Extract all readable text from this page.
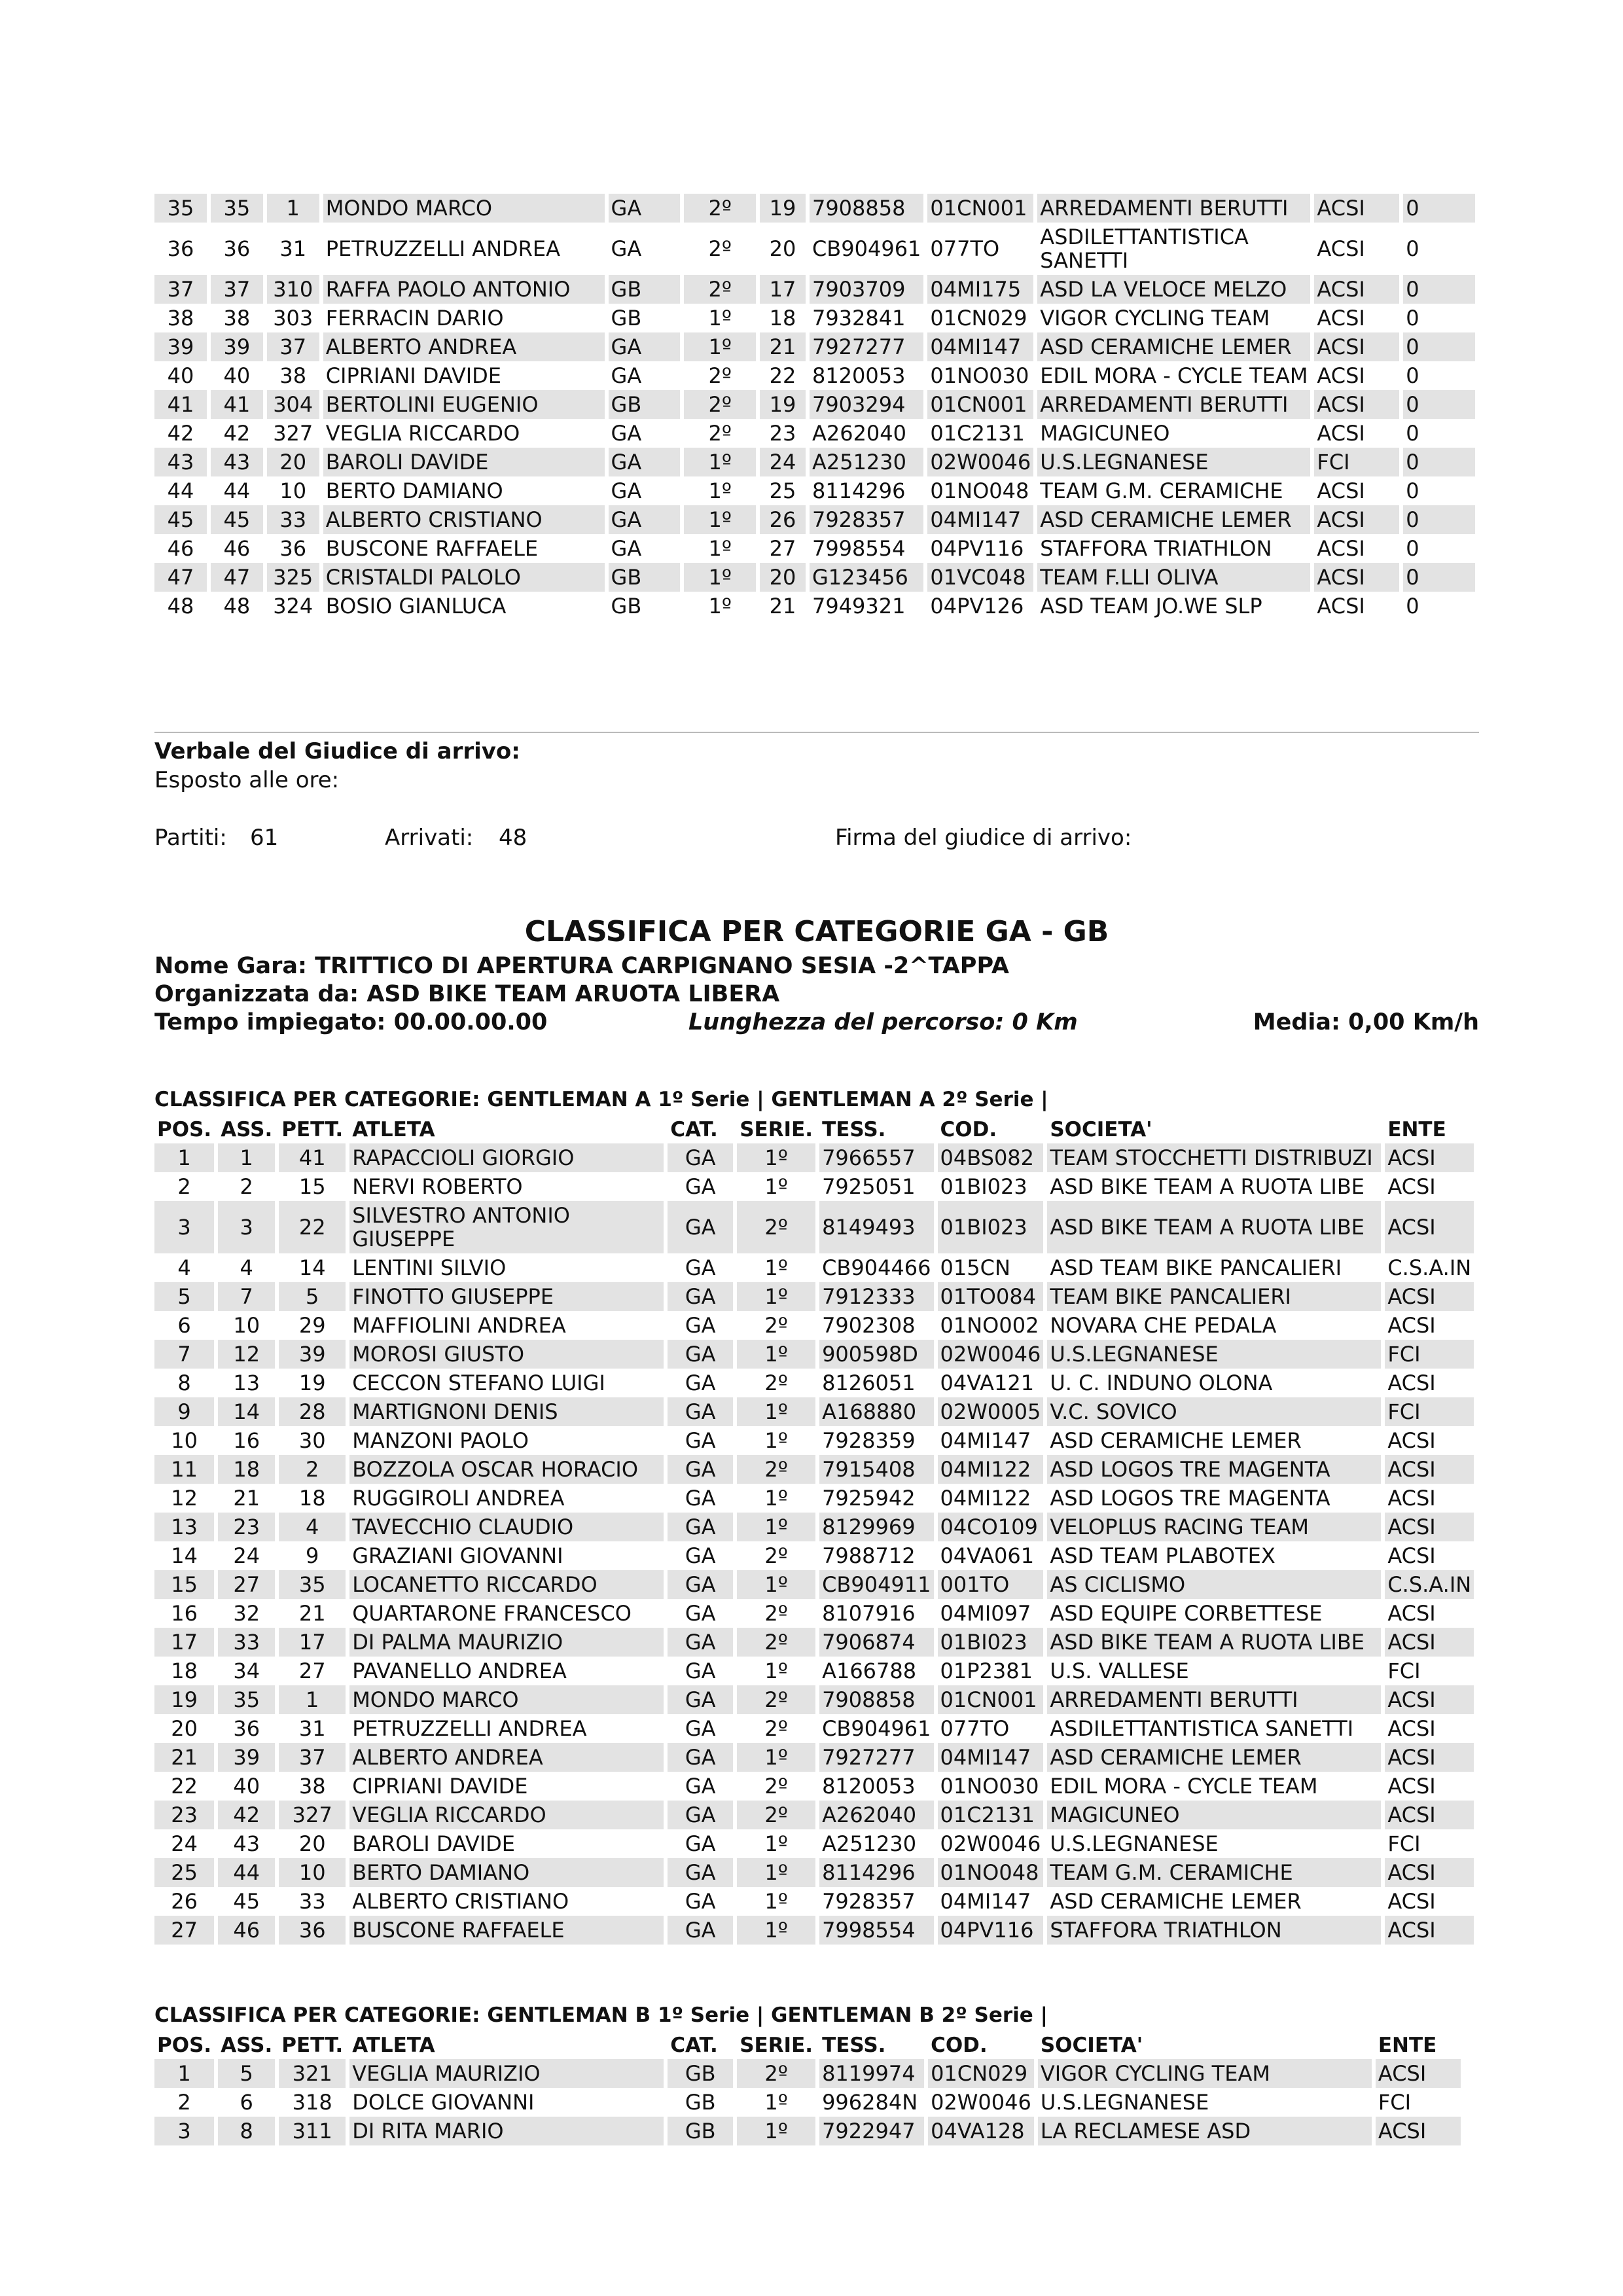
35	35	1	MONDO MARCO	GA	2º	19	7908858	01CN001	ARREDAMENTI BERUTTI	ACSI	0
36	36	31	PETRUZZELLI ANDREA	GA	2º	20	CB904961	077TO	ASDILETTANTISTICA SANETTI	ACSI	0
37	37	310	RAFFA PAOLO ANTONIO	GB	2º	17	7903709	04MI175	ASD LA VELOCE MELZO	ACSI	0
38	38	303	FERRACIN DARIO	GB	1º	18	7932841	01CN029	VIGOR CYCLING TEAM	ACSI	0
39	39	37	ALBERTO ANDREA	GA	1º	21	7927277	04MI147	ASD CERAMICHE LEMER	ACSI	0
40	40	38	CIPRIANI DAVIDE	GA	2º	22	8120053	01NO030	EDIL MORA - CYCLE TEAM	ACSI	0
41	41	304	BERTOLINI EUGENIO	GB	2º	19	7903294	01CN001	ARREDAMENTI BERUTTI	ACSI	0
42	42	327	VEGLIA RICCARDO	GA	2º	23	A262040	01C2131	MAGICUNEO	ACSI	0
43	43	20	BAROLI DAVIDE	GA	1º	24	A251230	02W0046	U.S.LEGNANESE	FCI	0
44	44	10	BERTO DAMIANO	GA	1º	25	8114296	01NO048	TEAM G.M. CERAMICHE	ACSI	0
45	45	33	ALBERTO CRISTIANO	GA	1º	26	7928357	04MI147	ASD CERAMICHE LEMER	ACSI	0
46	46	36	BUSCONE RAFFAELE	GA	1º	27	7998554	04PV116	STAFFORA TRIATHLON	ACSI	0
47	47	325	CRISTALDI PALOLO	GB	1º	20	G123456	01VC048	TEAM F.LLI OLIVA	ACSI	0
48	48	324	BOSIO GIANLUCA	GB	1º	21	7949321	04PV126	ASD TEAM JO.WE SLP	ACSI	0
Verbale del Giudice di arrivo:
Esposto alle ore:
Partiti: 61	Arrivati: 48	Firma del giudice di arrivo:
CLASSIFICA PER CATEGORIE GA - GB
Nome Gara: TRITTICO DI APERTURA CARPIGNANO SESIA -2^TAPPA
Organizzata da: ASD BIKE TEAM ARUOTA LIBERA
Tempo impiegato: 00.00.00.00	Lunghezza del percorso: 0 Km	Media: 0,00 Km/h
CLASSIFICA PER CATEGORIE: GENTLEMAN A 1º Serie | GENTLEMAN A 2º Serie |
POS.	ASS.	PETT.	ATLETA	CAT.	SERIE.	TESS.	COD.	SOCIETA'	ENTE
1	1	41	RAPACCIOLI GIORGIO	GA	1º	7966557	04BS082	TEAM STOCCHETTI DISTRIBUZI	ACSI
2	2	15	NERVI ROBERTO	GA	1º	7925051	01BI023	ASD BIKE TEAM A RUOTA LIBE	ACSI
3	3	22	SILVESTRO ANTONIO GIUSEPPE	GA	2º	8149493	01BI023	ASD BIKE TEAM A RUOTA LIBE	ACSI
4	4	14	LENTINI SILVIO	GA	1º	CB904466	015CN	ASD TEAM BIKE PANCALIERI	C.S.A.IN
5	7	5	FINOTTO GIUSEPPE	GA	1º	7912333	01TO084	TEAM BIKE PANCALIERI	ACSI
6	10	29	MAFFIOLINI ANDREA	GA	2º	7902308	01NO002	NOVARA CHE PEDALA	ACSI
7	12	39	MOROSI GIUSTO	GA	1º	900598D	02W0046	U.S.LEGNANESE	FCI
8	13	19	CECCON STEFANO LUIGI	GA	2º	8126051	04VA121	U. C. INDUNO OLONA	ACSI
9	14	28	MARTIGNONI DENIS	GA	1º	A168880	02W0005	V.C. SOVICO	FCI
10	16	30	MANZONI PAOLO	GA	1º	7928359	04MI147	ASD CERAMICHE LEMER	ACSI
11	18	2	BOZZOLA OSCAR HORACIO	GA	2º	7915408	04MI122	ASD LOGOS TRE MAGENTA	ACSI
12	21	18	RUGGIROLI ANDREA	GA	1º	7925942	04MI122	ASD LOGOS TRE MAGENTA	ACSI
13	23	4	TAVECCHIO CLAUDIO	GA	1º	8129969	04CO109	VELOPLUS RACING TEAM	ACSI
14	24	9	GRAZIANI GIOVANNI	GA	2º	7988712	04VA061	ASD TEAM PLABOTEX	ACSI
15	27	35	LOCANETTO RICCARDO	GA	1º	CB904911	001TO	AS CICLISMO	C.S.A.IN
16	32	21	QUARTARONE FRANCESCO	GA	2º	8107916	04MI097	ASD EQUIPE CORBETTESE	ACSI
17	33	17	DI PALMA MAURIZIO	GA	2º	7906874	01BI023	ASD BIKE TEAM A RUOTA LIBE	ACSI
18	34	27	PAVANELLO ANDREA	GA	1º	A166788	01P2381	U.S. VALLESE	FCI
19	35	1	MONDO MARCO	GA	2º	7908858	01CN001	ARREDAMENTI BERUTTI	ACSI
20	36	31	PETRUZZELLI ANDREA	GA	2º	CB904961	077TO	ASDILETTANTISTICA SANETTI	ACSI
21	39	37	ALBERTO ANDREA	GA	1º	7927277	04MI147	ASD CERAMICHE LEMER	ACSI
22	40	38	CIPRIANI DAVIDE	GA	2º	8120053	01NO030	EDIL MORA - CYCLE TEAM	ACSI
23	42	327	VEGLIA RICCARDO	GA	2º	A262040	01C2131	MAGICUNEO	ACSI
24	43	20	BAROLI DAVIDE	GA	1º	A251230	02W0046	U.S.LEGNANESE	FCI
25	44	10	BERTO DAMIANO	GA	1º	8114296	01NO048	TEAM G.M. CERAMICHE	ACSI
26	45	33	ALBERTO CRISTIANO	GA	1º	7928357	04MI147	ASD CERAMICHE LEMER	ACSI
27	46	36	BUSCONE RAFFAELE	GA	1º	7998554	04PV116	STAFFORA TRIATHLON	ACSI
CLASSIFICA PER CATEGORIE: GENTLEMAN B 1º Serie | GENTLEMAN B 2º Serie |
POS.	ASS.	PETT.	ATLETA	CAT.	SERIE.	TESS.	COD.	SOCIETA'	ENTE
1	5	321	VEGLIA MAURIZIO	GB	2º	8119974	01CN029	VIGOR CYCLING TEAM	ACSI
2	6	318	DOLCE GIOVANNI	GB	1º	996284N	02W0046	U.S.LEGNANESE	FCI
3	8	311	DI RITA MARIO	GB	1º	7922947	04VA128	LA RECLAMESE ASD	ACSI
